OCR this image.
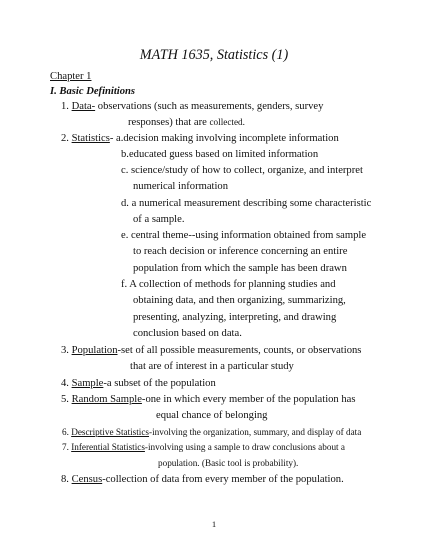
MATH 1635, Statistics (1)
Chapter 1
I. Basic Definitions
1. Data- observations (such as measurements, genders, survey
responses) that are collected.
2. Statistics- a.decision making involving incomplete information
b.educated guess based on limited information
c. science/study of how to collect, organize, and interpret
numerical information
d. a numerical measurement describing some characteristic
of a sample.
e. central theme--using information obtained from sample
to reach decision or inference concerning an entire
population from which the sample has been drawn
f. A collection of methods for planning studies and
obtaining data, and then organizing, summarizing,
presenting, analyzing, interpreting, and drawing
conclusion based on data.
3. Population-set of all possible measurements, counts, or observations
that are of interest in a particular study
4. Sample-a subset of the population
5. Random Sample-one in which every member of the population has
equal chance of belonging
6. Descriptive Statistics-involving the organization, summary, and display of data
7. Inferential Statistics-involving using a sample to draw conclusions about a
population. (Basic tool is probability).
8. Census-collection of data from every member of the population.
1
